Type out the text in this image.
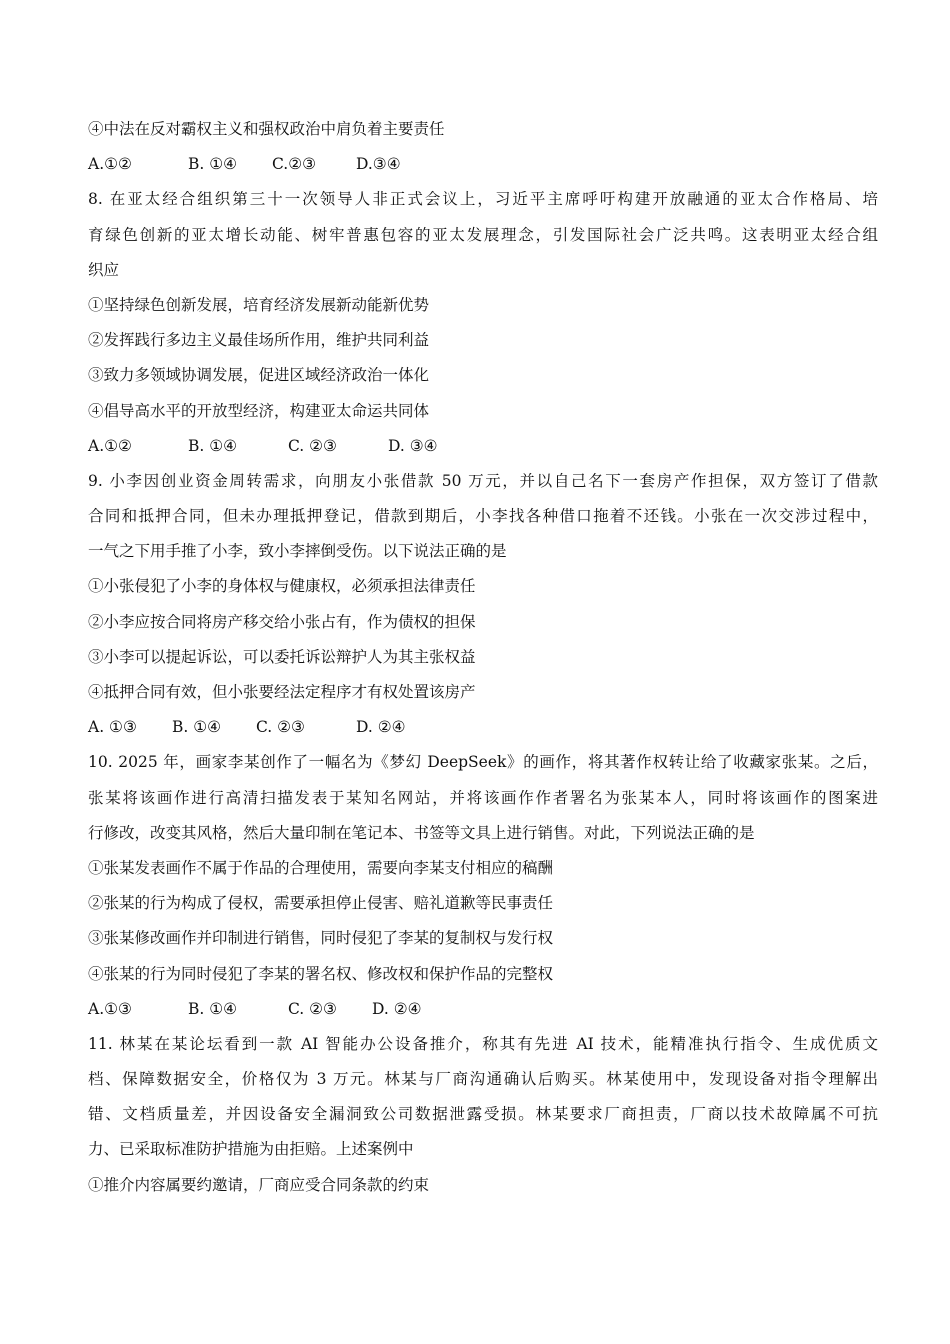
④中法在反对霸权主义和强权政治中肩负着主要责任
A.①②	B. ①④ C.②③	D.③④
8. 在亚太经合组织第三十一次领导人非正式会议上，习近平主席呼吁构建开放融通的亚太合作格局、培
育绿色创新的亚太增长动能、树牢普惠包容的亚太发展理念，引发国际社会广泛共鸣。这表明亚太经合组
织应
①坚持绿色创新发展，培育经济发展新动能新优势
②发挥践行多边主义最佳场所作用，维护共同利益
③致力多领域协调发展，促进区域经济政治一体化
④倡导高水平的开放型经济，构建亚太命运共同体
A.①②	B. ①④	C. ②③	D. ③④
9. 小李因创业资金周转需求，向朋友小张借款 50 万元，并以自己名下一套房产作担保，双方签订了借款
合同和抵押合同，但未办理抵押登记，借款到期后，小李找各种借口拖着不还钱。小张在一次交涉过程中，
一气之下用手推了小李，致小李摔倒受伤。以下说法正确的是
①小张侵犯了小李的身体权与健康权，必须承担法律责任
②小李应按合同将房产移交给小张占有，作为债权的担保
③小李可以提起诉讼，可以委托诉讼辩护人为其主张权益
④抵押合同有效，但小张要经法定程序才有权处置该房产
A. ①③ B. ①④ C. ②③	D. ②④
10. 2025 年，画家李某创作了一幅名为《梦幻 DeepSeek》的画作，将其著作权转让给了收藏家张某。之后，
张某将该画作进行高清扫描发表于某知名网站，并将该画作作者署名为张某本人，同时将该画作的图案进
行修改，改变其风格，然后大量印制在笔记本、书签等文具上进行销售。对此，下列说法正确的是
①张某发表画作不属于作品的合理使用，需要向李某支付相应的稿酬
②张某的行为构成了侵权，需要承担停止侵害、赔礼道歉等民事责任
③张某修改画作并印制进行销售，同时侵犯了李某的复制权与发行权
④张某的行为同时侵犯了李某的署名权、修改权和保护作品的完整权
A.①③	B. ①④	C. ②③ D. ②④
11. 林某在某论坛看到一款 AI 智能办公设备推介，称其有先进 AI 技术，能精准执行指令、生成优质文
档、保障数据安全，价格仅为 3 万元。林某与厂商沟通确认后购买。林某使用中，发现设备对指令理解出
错、文档质量差，并因设备安全漏洞致公司数据泄露受损。林某要求厂商担责，厂商以技术故障属不可抗
力、已采取标准防护措施为由拒赔。上述案例中
①推介内容属要约邀请，厂商应受合同条款的约束
